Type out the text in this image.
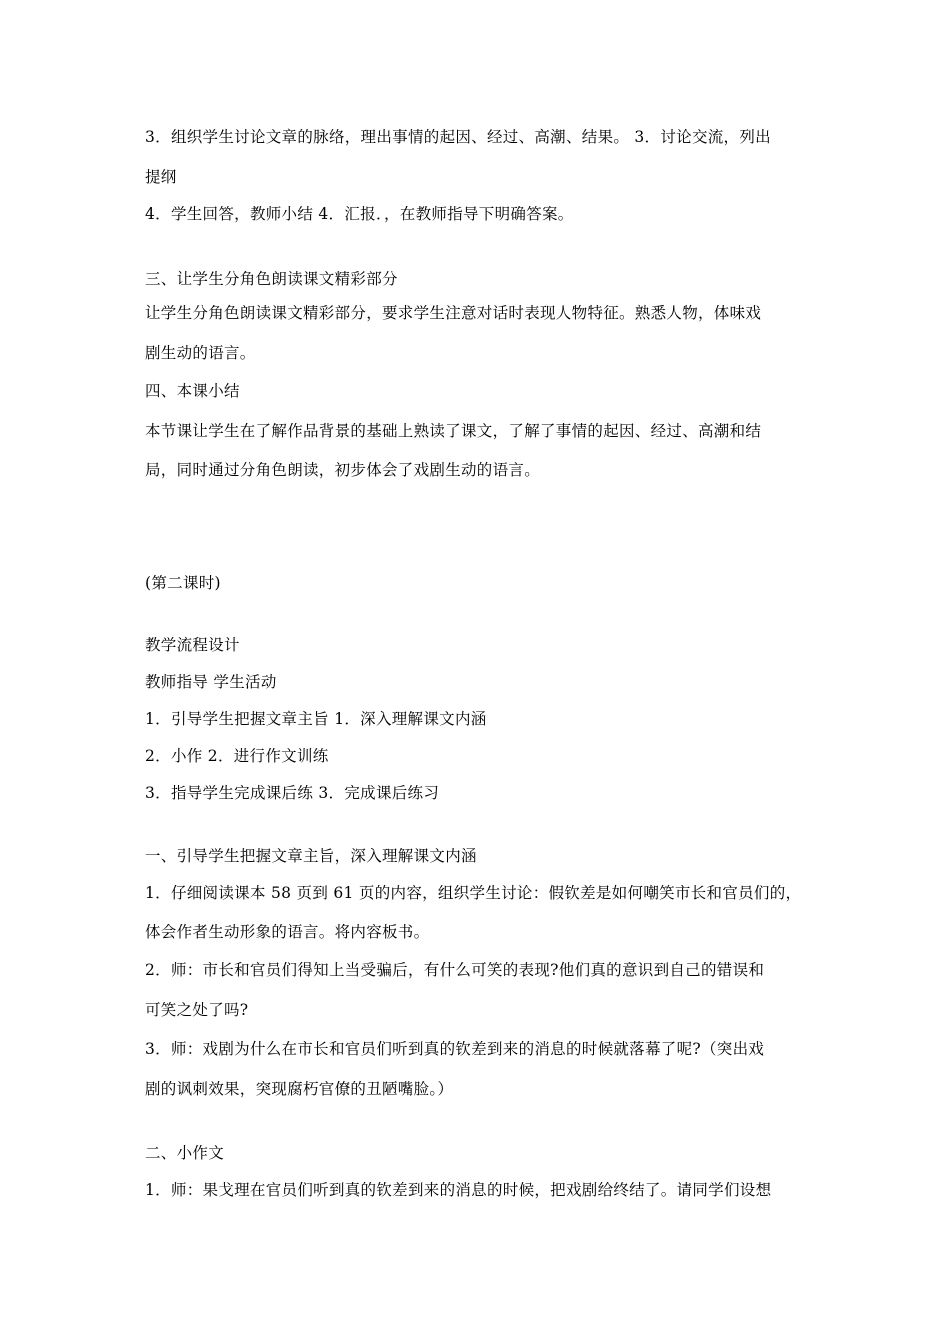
3．组织学生讨论文章的脉络，理出事情的起因、经过、高潮、结果。 3．讨论交流，列出
提纲
4．学生回答，教师小结 4．汇报．，在教师指导下明确答案。
三、让学生分角色朗读课文精彩部分
让学生分角色朗读课文精彩部分，要求学生注意对话时表现人物特征。熟悉人物，体味戏
剧生动的语言。
四、本课小结
本节课让学生在了解作品背景的基础上熟读了课文，了解了事情的起因、经过、高潮和结
局，同时通过分角色朗读，初步体会了戏剧生动的语言。
(第二课时)
教学流程设计
教师指导 学生活动
1．引导学生把握文章主旨 1．深入理解课文内涵
2．小作 2．进行作文训练
3．指导学生完成课后练 3．完成课后练习
一、引导学生把握文章主旨，深入理解课文内涵
1．仔细阅读课本 58 页到 61 页的内容，组织学生讨论：假钦差是如何嘲笑市长和官员们的，
体会作者生动形象的语言。将内容板书。
2．师：市长和官员们得知上当受骗后，有什么可笑的表现?他们真的意识到自己的错误和
可笑之处了吗?
3．师：戏剧为什么在市长和官员们听到真的钦差到来的消息的时候就落幕了呢?（突出戏
剧的讽刺效果，突现腐朽官僚的丑陋嘴脸。）
二、小作文
1．师：果戈理在官员们听到真的钦差到来的消息的时候，把戏剧给终结了。请同学们设想
